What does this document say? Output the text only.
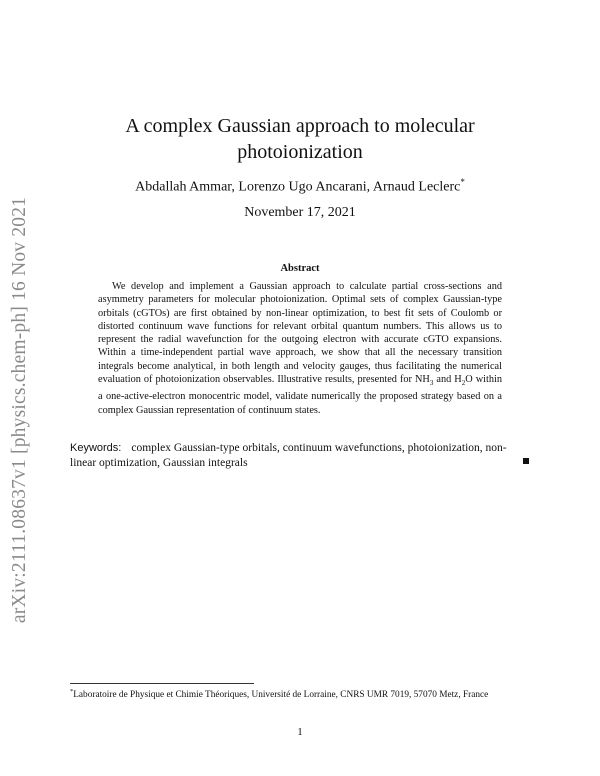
arXiv:2111.08637v1 [physics.chem-ph] 16 Nov 2021
A complex Gaussian approach to molecular photoionization
Abdallah Ammar, Lorenzo Ugo Ancarani, Arnaud Leclerc*
November 17, 2021
Abstract

We develop and implement a Gaussian approach to calculate partial cross-sections and asymmetry parameters for molecular photoionization. Optimal sets of complex Gaussian-type orbitals (cGTOs) are first obtained by non-linear optimization, to best fit sets of Coulomb or distorted continuum wave functions for relevant orbital quantum numbers. This allows us to represent the radial wavefunction for the outgoing electron with accurate cGTO expansions. Within a time-independent partial wave approach, we show that all the necessary transition integrals become analytical, in both length and velocity gauges, thus facilitating the numerical evaluation of photoionization observables. Illustrative results, presented for $NH_3$ and $H_2O$ within a one-active-electron monocentric model, validate numerically the proposed strategy based on a complex Gaussian representation of continuum states.

Keywords: complex Gaussian-type orbitals, continuum wavefunctions, photoionization, non-linear optimization, Gaussian integrals
*Laboratoire de Physique et Chimie Théoriques, Université de Lorraine, CNRS UMR 7019, 57070 Metz, France
1
